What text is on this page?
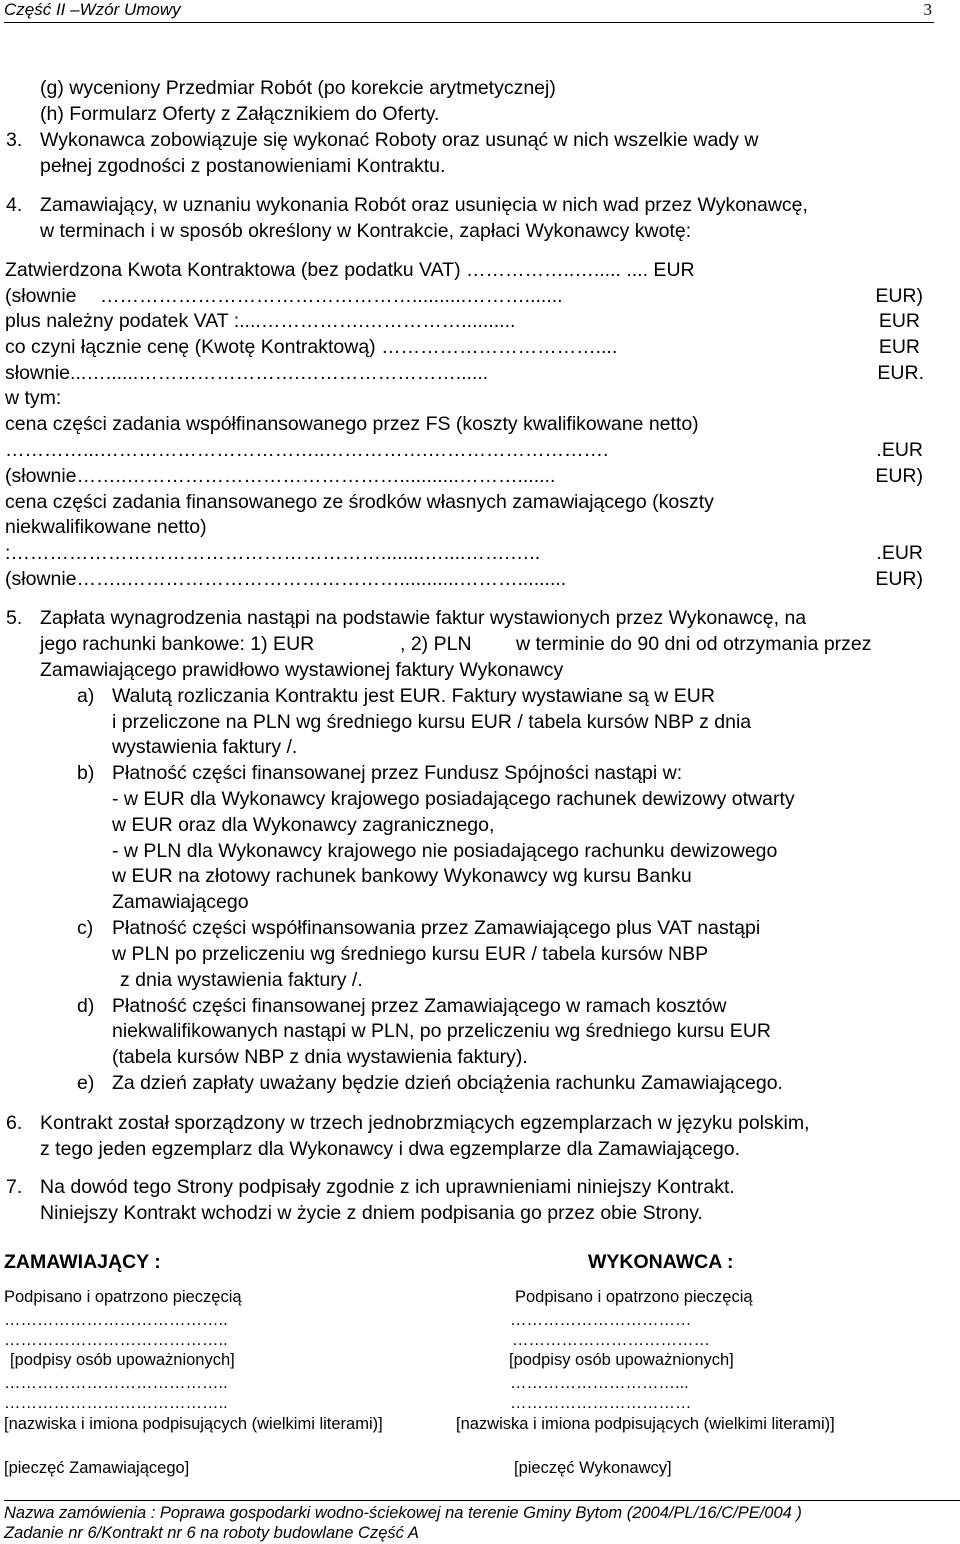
Część II –Wzór Umowy	3
(g) wyceniony Przedmiar Robót (po korekcie arytmetycznej)
(h) Formularz Oferty z Załącznikiem do Oferty.
3. Wykonawca zobowiązuje się wykonać Roboty oraz usunąć w nich wszelkie wady w
pełnej zgodności z postanowieniami Kontraktu.
4. Zamawiający, w uznaniu wykonania Robót oraz usunięcia w nich wad przez Wykonawcę,
w terminach i w sposób określony w Kontrakcie, zapłaci Wykonawcy kwotę:
Zatwierdzona Kwota Kontraktowa (bez podatku VAT) ……………..…..... .... EUR
(słownie …………………………………………..........……….......	EUR)
plus należny podatek VAT :....…………….……………..........	EUR
co czyni łącznie cenę (Kwotę Kontraktową) ……………………………....	EUR
słownie...…......…………………….……………………......	EUR.
w tym:
cena części zadania współfinansowanego przez FS (koszty kwalifikowane netto)
…………...……………………………..…………….……………………….	.EUR
(słownie……..……………………………………...........……….......	EUR)
cena części zadania finansowanego ze środków własnych zamawiającego (koszty
niekwalifikowane netto)
:…………………………………………………........…....…….…..	.EUR
(słownie……..……………………………………...........……….........	EUR)
5. Zapłata wynagrodzenia nastąpi na podstawie faktur wystawionych przez Wykonawcę, na
jego rachunki bankowe: 1) EUR	, 2) PLN w terminie do 90 dni od otrzymania przez
Zamawiającego prawidłowo wystawionej faktury Wykonawcy
a) Walutą rozliczania Kontraktu jest EUR. Faktury wystawiane są w EUR
i przeliczone na PLN wg średniego kursu EUR / tabela kursów NBP z dnia
wystawienia faktury /.
b) Płatność części finansowanej przez Fundusz Spójności nastąpi w:
- w EUR dla Wykonawcy krajowego posiadającego rachunek dewizowy otwarty
w EUR oraz dla Wykonawcy zagranicznego,
- w PLN dla Wykonawcy krajowego nie posiadającego rachunku dewizowego
w EUR na złotowy rachunek bankowy Wykonawcy wg kursu Banku
Zamawiającego
c) Płatność części współfinansowania przez Zamawiającego plus VAT nastąpi
w PLN po przeliczeniu wg średniego kursu EUR / tabela kursów NBP
z dnia wystawienia faktury /.
d) Płatność części finansowanej przez Zamawiającego w ramach kosztów
niekwalifikowanych nastąpi w PLN, po przeliczeniu wg średniego kursu EUR
(tabela kursów NBP z dnia wystawienia faktury).
e) Za dzień zapłaty uważany będzie dzień obciążenia rachunku Zamawiającego.
6. Kontrakt został sporządzony w trzech jednobrzmiących egzemplarzach w języku polskim,
z tego jeden egzemplarz dla Wykonawcy i dwa egzemplarze dla Zamawiającego.
7. Na dowód tego Strony podpisały zgodnie z ich uprawnieniami niniejszy Kontrakt.
Niniejszy Kontrakt wchodzi w życie z dniem podpisania go przez obie Strony.
ZAMAWIAJĄCY :	WYKONAWCA :
Podpisano i opatrzono pieczęcią	Podpisano i opatrzono pieczęcią
…………………………………..	……………………………
…………………………………..	………………………………
[podpisy osób upoważnionych]	[podpisy osób upoważnionych]
…………………………………..	…………………………...
…………………………………..	……………………………
[nazwiska i imiona podpisujących (wielkimi literami)]	[nazwiska i imiona podpisujących (wielkimi literami)]
[pieczęć Zamawiającego]	[pieczęć Wykonawcy]
Nazwa zamówienia : Poprawa gospodarki wodno-ściekowej na terenie Gminy Bytom (2004/PL/16/C/PE/004 )
Zadanie nr 6/Kontrakt nr 6 na roboty budowlane Część A
